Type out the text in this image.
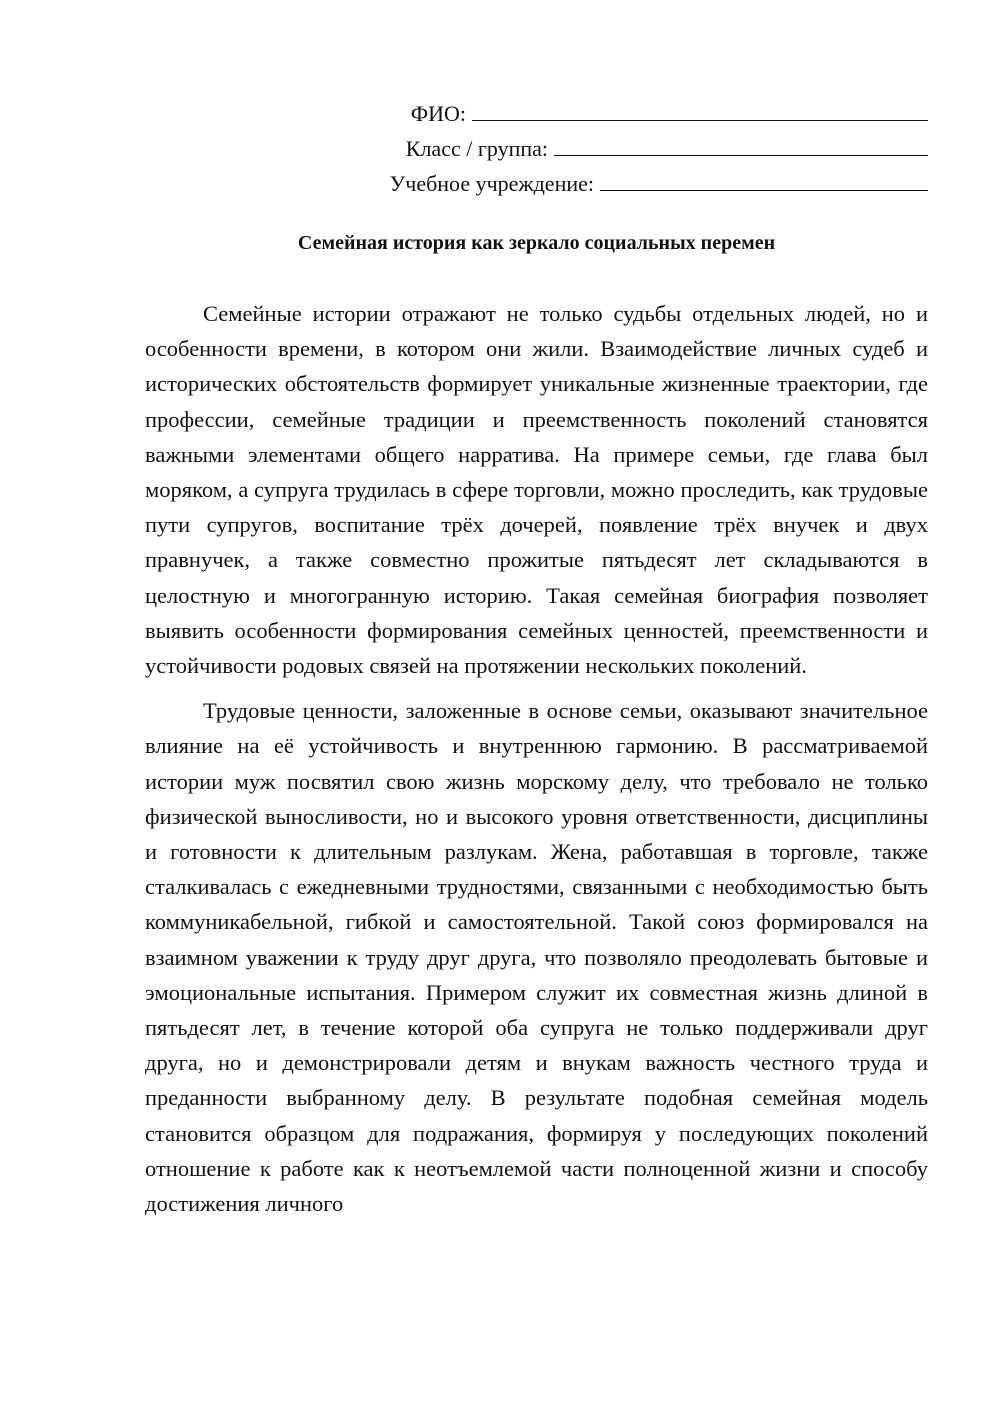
ФИО:
Класс / группа:
Учебное учреждение:
Семейная история как зеркало социальных перемен

Семейные истории отражают не только судьбы отдельных людей, но и особенности времени, в котором они жили. Взаимодействие личных судеб и исторических обстоятельств формирует уникальные жизненные траектории, где профессии, семейные традиции и преемственность поколений становятся важными элементами общего нарратива. На примере семьи, где глава был моряком, а супруга трудилась в сфере торговли, можно проследить, как трудовые пути супругов, воспитание трёх дочерей, появление трёх внучек и двух правнучек, а также совместно прожитые пятьдесят лет складываются в целостную и многогранную историю. Такая семейная биография позволяет выявить особенности формирования семейных ценностей, преемственности и устойчивости родовых связей на протяжении нескольких поколений.

Трудовые ценности, заложенные в основе семьи, оказывают значительное влияние на её устойчивость и внутреннюю гармонию. В рассматриваемой истории муж посвятил свою жизнь морскому делу, что требовало не только физической выносливости, но и высокого уровня ответственности, дисциплины и готовности к длительным разлукам. Жена, работавшая в торговле, также сталкивалась с ежедневными трудностями, связанными с необходимостью быть коммуникабельной, гибкой и самостоятельной. Такой союз формировался на взаимном уважении к труду друг друга, что позволяло преодолевать бытовые и эмоциональные испытания. Примером служит их совместная жизнь длиной в пятьдесят лет, в течение которой оба супруга не только поддерживали друг друга, но и демонстрировали детям и внукам важность честного труда и преданности выбранному делу. В результате подобная семейная модель становится образцом для подражания, формируя у последующих поколений отношение к работе как к неотъемлемой части полноценной жизни и способу достижения личного
